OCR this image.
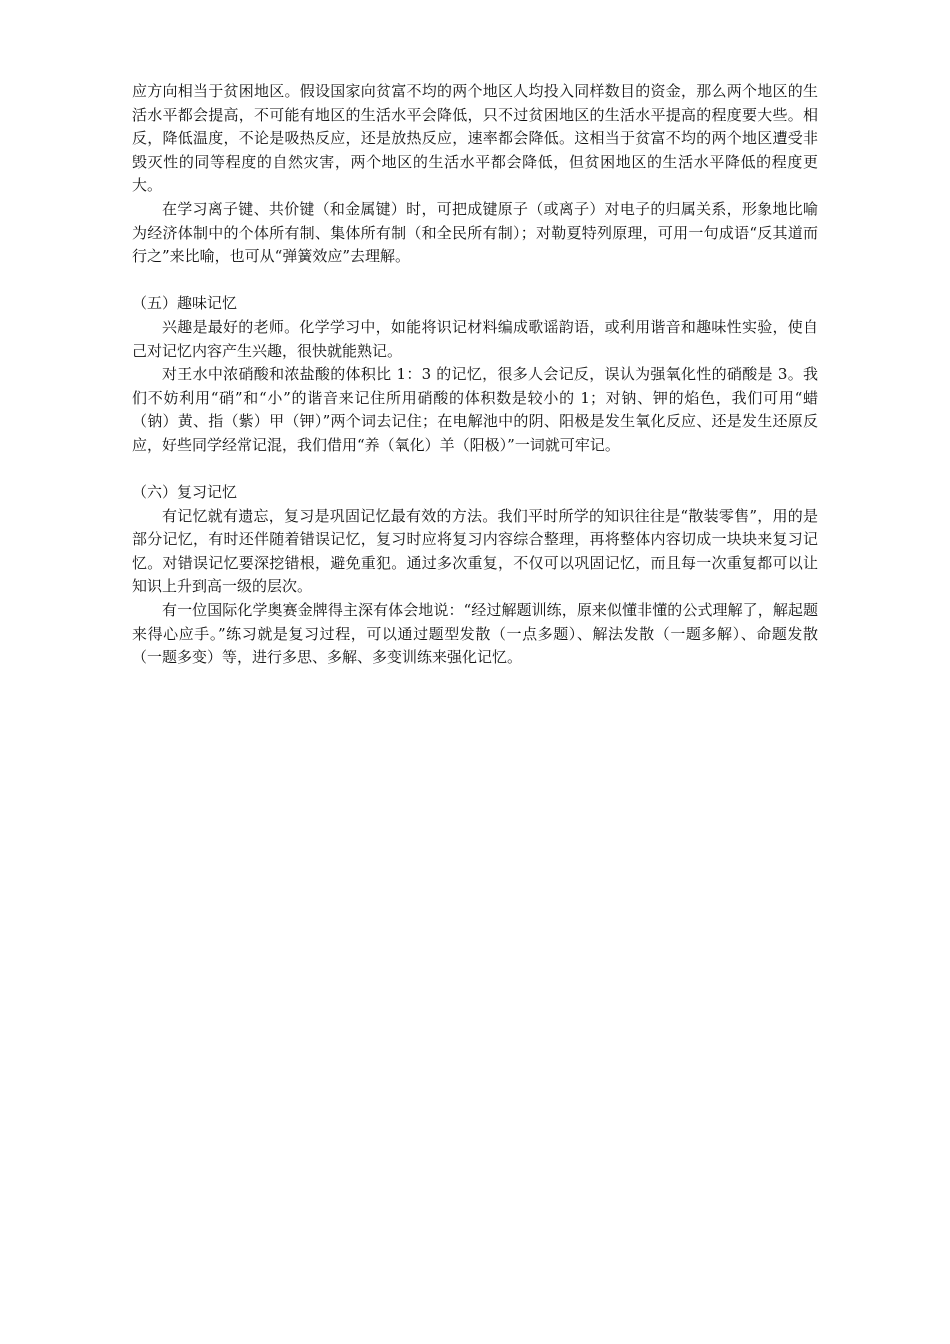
应方向相当于贫困地区。假设国家向贫富不均的两个地区人均投入同样数目的资金，那么两个地区的生活水平都会提高，不可能有地区的生活水平会降低，只不过贫困地区的生活水平提高的程度要大些。相反，降低温度，不论是吸热反应，还是放热反应，速率都会降低。这相当于贫富不均的两个地区遭受非毁灭性的同等程度的自然灾害，两个地区的生活水平都会降低，但贫困地区的生活水平降低的程度更大。

在学习离子键、共价键（和金属键）时，可把成键原子（或离子）对电子的归属关系，形象地比喻为经济体制中的个体所有制、集体所有制（和全民所有制）；对勒夏特列原理，可用一句成语“反其道而行之”来比喻，也可从“弹簧效应”去理解。

（五）趣味记忆

兴趣是最好的老师。化学学习中，如能将识记材料编成歌谣韵语，或利用谐音和趣味性实验，使自己对记忆内容产生兴趣，很快就能熟记。

对王水中浓硝酸和浓盐酸的体积比 1：3 的记忆，很多人会记反，误认为强氧化性的硝酸是 3。我们不妨利用“硝”和“小”的谐音来记住所用硝酸的体积数是较小的 1；对钠、钾的焰色，我们可用“蜡（钠）黄、指（紫）甲（钾）”两个词去记住；在电解池中的阴、阳极是发生氧化反应、还是发生还原反应，好些同学经常记混，我们借用“养（氧化）羊（阳极）”一词就可牢记。

（六）复习记忆

有记忆就有遗忘，复习是巩固记忆最有效的方法。我们平时所学的知识往往是“散装零售”，用的是部分记忆，有时还伴随着错误记忆，复习时应将复习内容综合整理，再将整体内容切成一块块来复习记忆。对错误记忆要深挖错根，避免重犯。通过多次重复，不仅可以巩固记忆，而且每一次重复都可以让知识上升到高一级的层次。

有一位国际化学奥赛金牌得主深有体会地说：“经过解题训练，原来似懂非懂的公式理解了，解起题来得心应手。”练习就是复习过程，可以通过题型发散（一点多题）、解法发散（一题多解）、命题发散（一题多变）等，进行多思、多解、多变训练来强化记忆。
